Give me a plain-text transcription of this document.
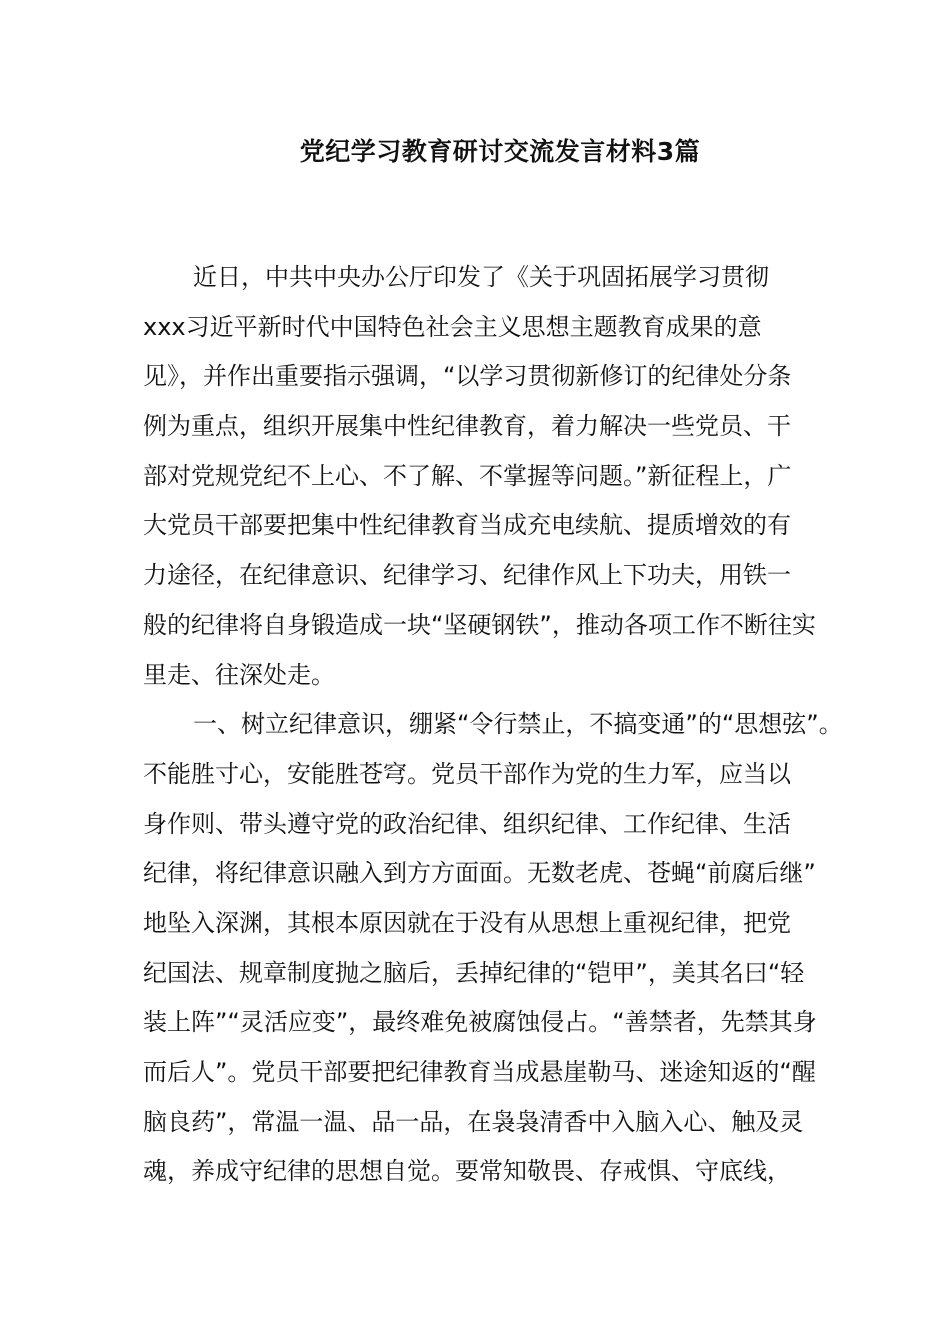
党纪学习教育研讨交流发言材料3篇
近日，中共中央办公厅印发了《关于巩固拓展学习贯彻
xxx习近平新时代中国特色社会主义思想主题教育成果的意
见》，并作出重要指示强调，“以学习贯彻新修订的纪律处分条
例为重点，组织开展集中性纪律教育，着力解决一些党员、干
部对党规党纪不上心、不了解、不掌握等问题。”新征程上，广
大党员干部要把集中性纪律教育当成充电续航、提质增效的有
力途径，在纪律意识、纪律学习、纪律作风上下功夫，用铁一
般的纪律将自身锻造成一块“坚硬钢铁”，推动各项工作不断往实
里走、往深处走。
一、树立纪律意识，绷紧“令行禁止，不搞变通”的“思想弦”。
不能胜寸心，安能胜苍穹。党员干部作为党的生力军，应当以
身作则、带头遵守党的政治纪律、组织纪律、工作纪律、生活
纪律，将纪律意识融入到方方面面。无数老虎、苍蝇“前腐后继”
地坠入深渊，其根本原因就在于没有从思想上重视纪律，把党
纪国法、规章制度抛之脑后，丢掉纪律的“铠甲”，美其名曰“轻
装上阵”“灵活应变”，最终难免被腐蚀侵占。“善禁者，先禁其身
而后人”。党员干部要把纪律教育当成悬崖勒马、迷途知返的“醒
脑良药”，常温一温、品一品，在袅袅清香中入脑入心、触及灵
魂，养成守纪律的思想自觉。要常知敬畏、存戒惧、守底线，
